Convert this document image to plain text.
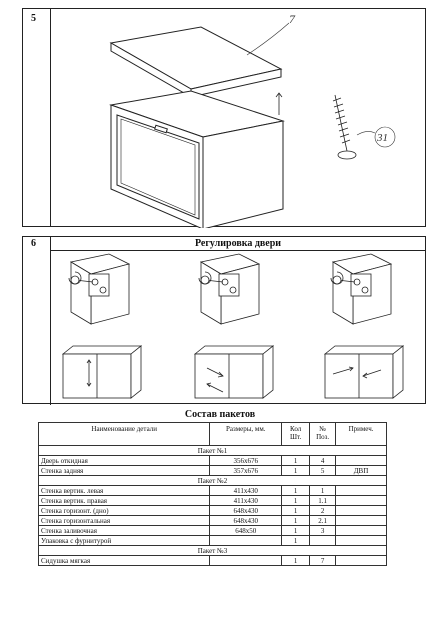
5	7
31
6	Регулировка двери
Состав пакетов
Наименование детали	Размеры, мм.	Кол Шт.	№ Поз.	Примеч.
Пакет №1				
Дверь откидная	356x676	1	4	
Стенка задняя	357x676	1	5	ДВП
Пакет №2				
Стенка вертик. левая	411x430	1	1	
Стенка вертик. правая	411x430	1	1.1	
Стенка горизонт. (дно)	648x430	1	2	
Стенка горизонтальная	648x430	1	2.1	
Стенка заливочная	648x50	1	3	
Упаковка с фурнитурой		1		
Пакет №3				
Сидушка мягкая		1	7	
